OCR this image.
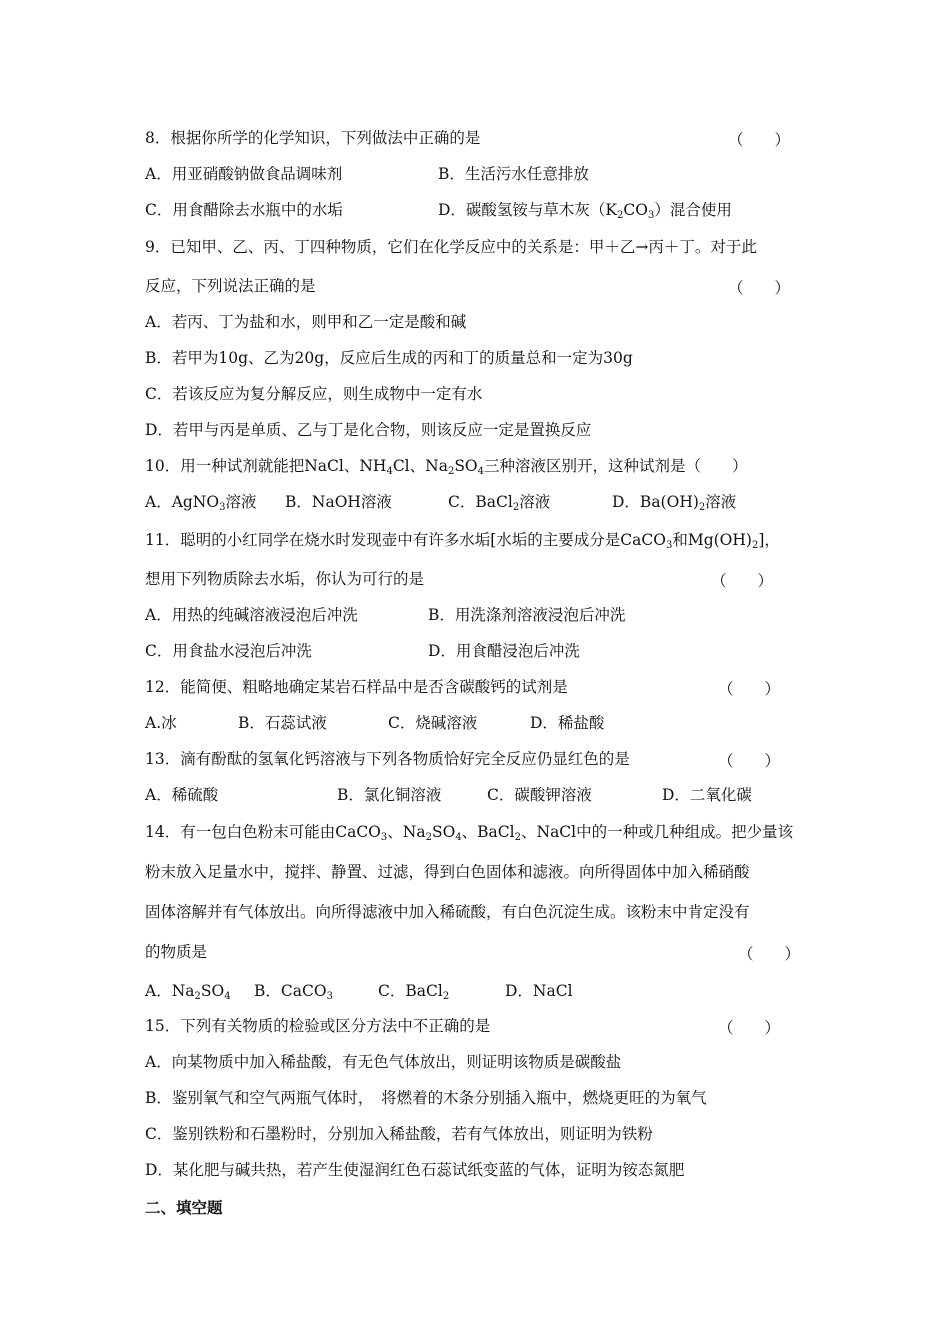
8．根据你所学的化学知识，下列做法中正确的是	（　　）
A．用亚硝酸钠做食品调味剂	B．生活污水任意排放
C．用食醋除去水瓶中的水垢	D．碳酸氢铵与草木灰$(K_2CO_3)$混合使用
9．已知甲、乙、丙、丁四种物质，它们在化学反应中的关系是：甲＋乙→丙＋丁。对于此
反应，下列说法正确的是	（　　）
A．若丙、丁为盐和水，则甲和乙一定是酸和碱
B．若甲为10g、乙为20g，反应后生成的丙和丁的质量总和一定为30g
C．若该反应为复分解反应，则生成物中一定有水
D．若甲与丙是单质、乙与丁是化合物，则该反应一定是置换反应
10．用一种试剂就能把NaCl、$NH_4Cl$、$Na_2SO_4$三种溶液区别开，这种试剂是（　　）
A．AgNO$_3$溶液 B．NaOH溶液	C．BaCl$_2$溶液	D．$Ba(OH)_2$溶液
11．聪明的小红同学在烧水时发现壶中有许多水垢[水垢的主要成分是CaCO$_3$和$Mg(OH)_2$]，
想用下列物质除去水垢，你认为可行的是	（　　）
A．用热的纯碱溶液浸泡后冲洗	B．用洗涤剂溶液浸泡后冲洗
C．用食盐水浸泡后冲洗	D．用食醋浸泡后冲洗
12．能简便、粗略地确定某岩石样品中是否含碳酸钙的试剂是	（　　）
A.冰	B．石蕊试液	C．烧碱溶液	D．稀盐酸
13．滴有酚酞的氢氧化钙溶液与下列各物质恰好完全反应仍显红色的是	（　　）
A．稀硫酸	B．氯化铜溶液	C．碳酸钾溶液	D．二氧化碳
14．有一包白色粉末可能由CaCO$_3$、$Na_2SO_4$、BaCl$_2$、NaCl中的一种或几种组成。把少量该
粉末放入足量水中，搅拌、静置、过滤，得到白色固体和滤液。向所得固体中加入稀硝酸
固体溶解并有气体放出。向所得滤液中加入稀硫酸，有白色沉淀生成。该粉末中肯定没有
的物质是	（　　）
A．$Na_2SO_4$ B．CaCO$_3$	C．BaCl$_2$	D．NaCl
15．下列有关物质的检验或区分方法中不正确的是	（　　）
A．向某物质中加入稀盐酸，有无色气体放出，则证明该物质是碳酸盐
B．鉴别氧气和空气两瓶气体时，　将燃着的木条分别插入瓶中，燃烧更旺的为氧气
C．鉴别铁粉和石墨粉时，分别加入稀盐酸，若有气体放出，则证明为铁粉
D．某化肥与碱共热，若产生使湿润红色石蕊试纸变蓝的气体，证明为铵态氮肥
二、填空题
